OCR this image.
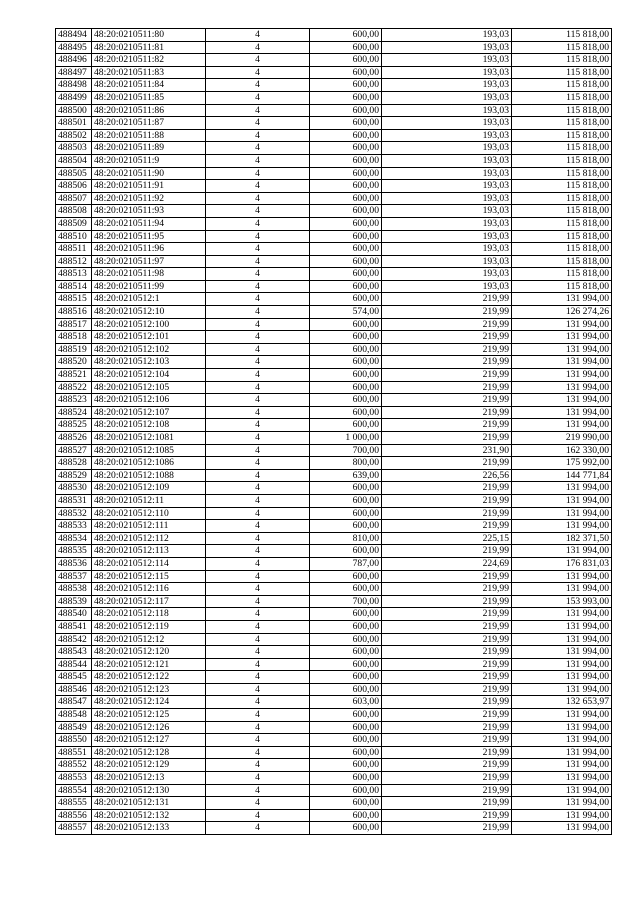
488494	48:20:0210511:80	4	600,00	193,03	115 818,00
488495	48:20:0210511:81	4	600,00	193,03	115 818,00
488496	48:20:0210511:82	4	600,00	193,03	115 818,00
488497	48:20:0210511:83	4	600,00	193,03	115 818,00
488498	48:20:0210511:84	4	600,00	193,03	115 818,00
488499	48:20:0210511:85	4	600,00	193,03	115 818,00
488500	48:20:0210511:86	4	600,00	193,03	115 818,00
488501	48:20:0210511:87	4	600,00	193,03	115 818,00
488502	48:20:0210511:88	4	600,00	193,03	115 818,00
488503	48:20:0210511:89	4	600,00	193,03	115 818,00
488504	48:20:0210511:9	4	600,00	193,03	115 818,00
488505	48:20:0210511:90	4	600,00	193,03	115 818,00
488506	48:20:0210511:91	4	600,00	193,03	115 818,00
488507	48:20:0210511:92	4	600,00	193,03	115 818,00
488508	48:20:0210511:93	4	600,00	193,03	115 818,00
488509	48:20:0210511:94	4	600,00	193,03	115 818,00
488510	48:20:0210511:95	4	600,00	193,03	115 818,00
488511	48:20:0210511:96	4	600,00	193,03	115 818,00
488512	48:20:0210511:97	4	600,00	193,03	115 818,00
488513	48:20:0210511:98	4	600,00	193,03	115 818,00
488514	48:20:0210511:99	4	600,00	193,03	115 818,00
488515	48:20:0210512:1	4	600,00	219,99	131 994,00
488516	48:20:0210512:10	4	574,00	219,99	126 274,26
488517	48:20:0210512:100	4	600,00	219,99	131 994,00
488518	48:20:0210512:101	4	600,00	219,99	131 994,00
488519	48:20:0210512:102	4	600,00	219,99	131 994,00
488520	48:20:0210512:103	4	600,00	219,99	131 994,00
488521	48:20:0210512:104	4	600,00	219,99	131 994,00
488522	48:20:0210512:105	4	600,00	219,99	131 994,00
488523	48:20:0210512:106	4	600,00	219,99	131 994,00
488524	48:20:0210512:107	4	600,00	219,99	131 994,00
488525	48:20:0210512:108	4	600,00	219,99	131 994,00
488526	48:20:0210512:1081	4	1 000,00	219,99	219 990,00
488527	48:20:0210512:1085	4	700,00	231,90	162 330,00
488528	48:20:0210512:1086	4	800,00	219,99	175 992,00
488529	48:20:0210512:1088	4	639,00	226,56	144 771,84
488530	48:20:0210512:109	4	600,00	219,99	131 994,00
488531	48:20:0210512:11	4	600,00	219,99	131 994,00
488532	48:20:0210512:110	4	600,00	219,99	131 994,00
488533	48:20:0210512:111	4	600,00	219,99	131 994,00
488534	48:20:0210512:112	4	810,00	225,15	182 371,50
488535	48:20:0210512:113	4	600,00	219,99	131 994,00
488536	48:20:0210512:114	4	787,00	224,69	176 831,03
488537	48:20:0210512:115	4	600,00	219,99	131 994,00
488538	48:20:0210512:116	4	600,00	219,99	131 994,00
488539	48:20:0210512:117	4	700,00	219,99	153 993,00
488540	48:20:0210512:118	4	600,00	219,99	131 994,00
488541	48:20:0210512:119	4	600,00	219,99	131 994,00
488542	48:20:0210512:12	4	600,00	219,99	131 994,00
488543	48:20:0210512:120	4	600,00	219,99	131 994,00
488544	48:20:0210512:121	4	600,00	219,99	131 994,00
488545	48:20:0210512:122	4	600,00	219,99	131 994,00
488546	48:20:0210512:123	4	600,00	219,99	131 994,00
488547	48:20:0210512:124	4	603,00	219,99	132 653,97
488548	48:20:0210512:125	4	600,00	219,99	131 994,00
488549	48:20:0210512:126	4	600,00	219,99	131 994,00
488550	48:20:0210512:127	4	600,00	219,99	131 994,00
488551	48:20:0210512:128	4	600,00	219,99	131 994,00
488552	48:20:0210512:129	4	600,00	219,99	131 994,00
488553	48:20:0210512:13	4	600,00	219,99	131 994,00
488554	48:20:0210512:130	4	600,00	219,99	131 994,00
488555	48:20:0210512:131	4	600,00	219,99	131 994,00
488556	48:20:0210512:132	4	600,00	219,99	131 994,00
488557	48:20:0210512:133	4	600,00	219,99	131 994,00
